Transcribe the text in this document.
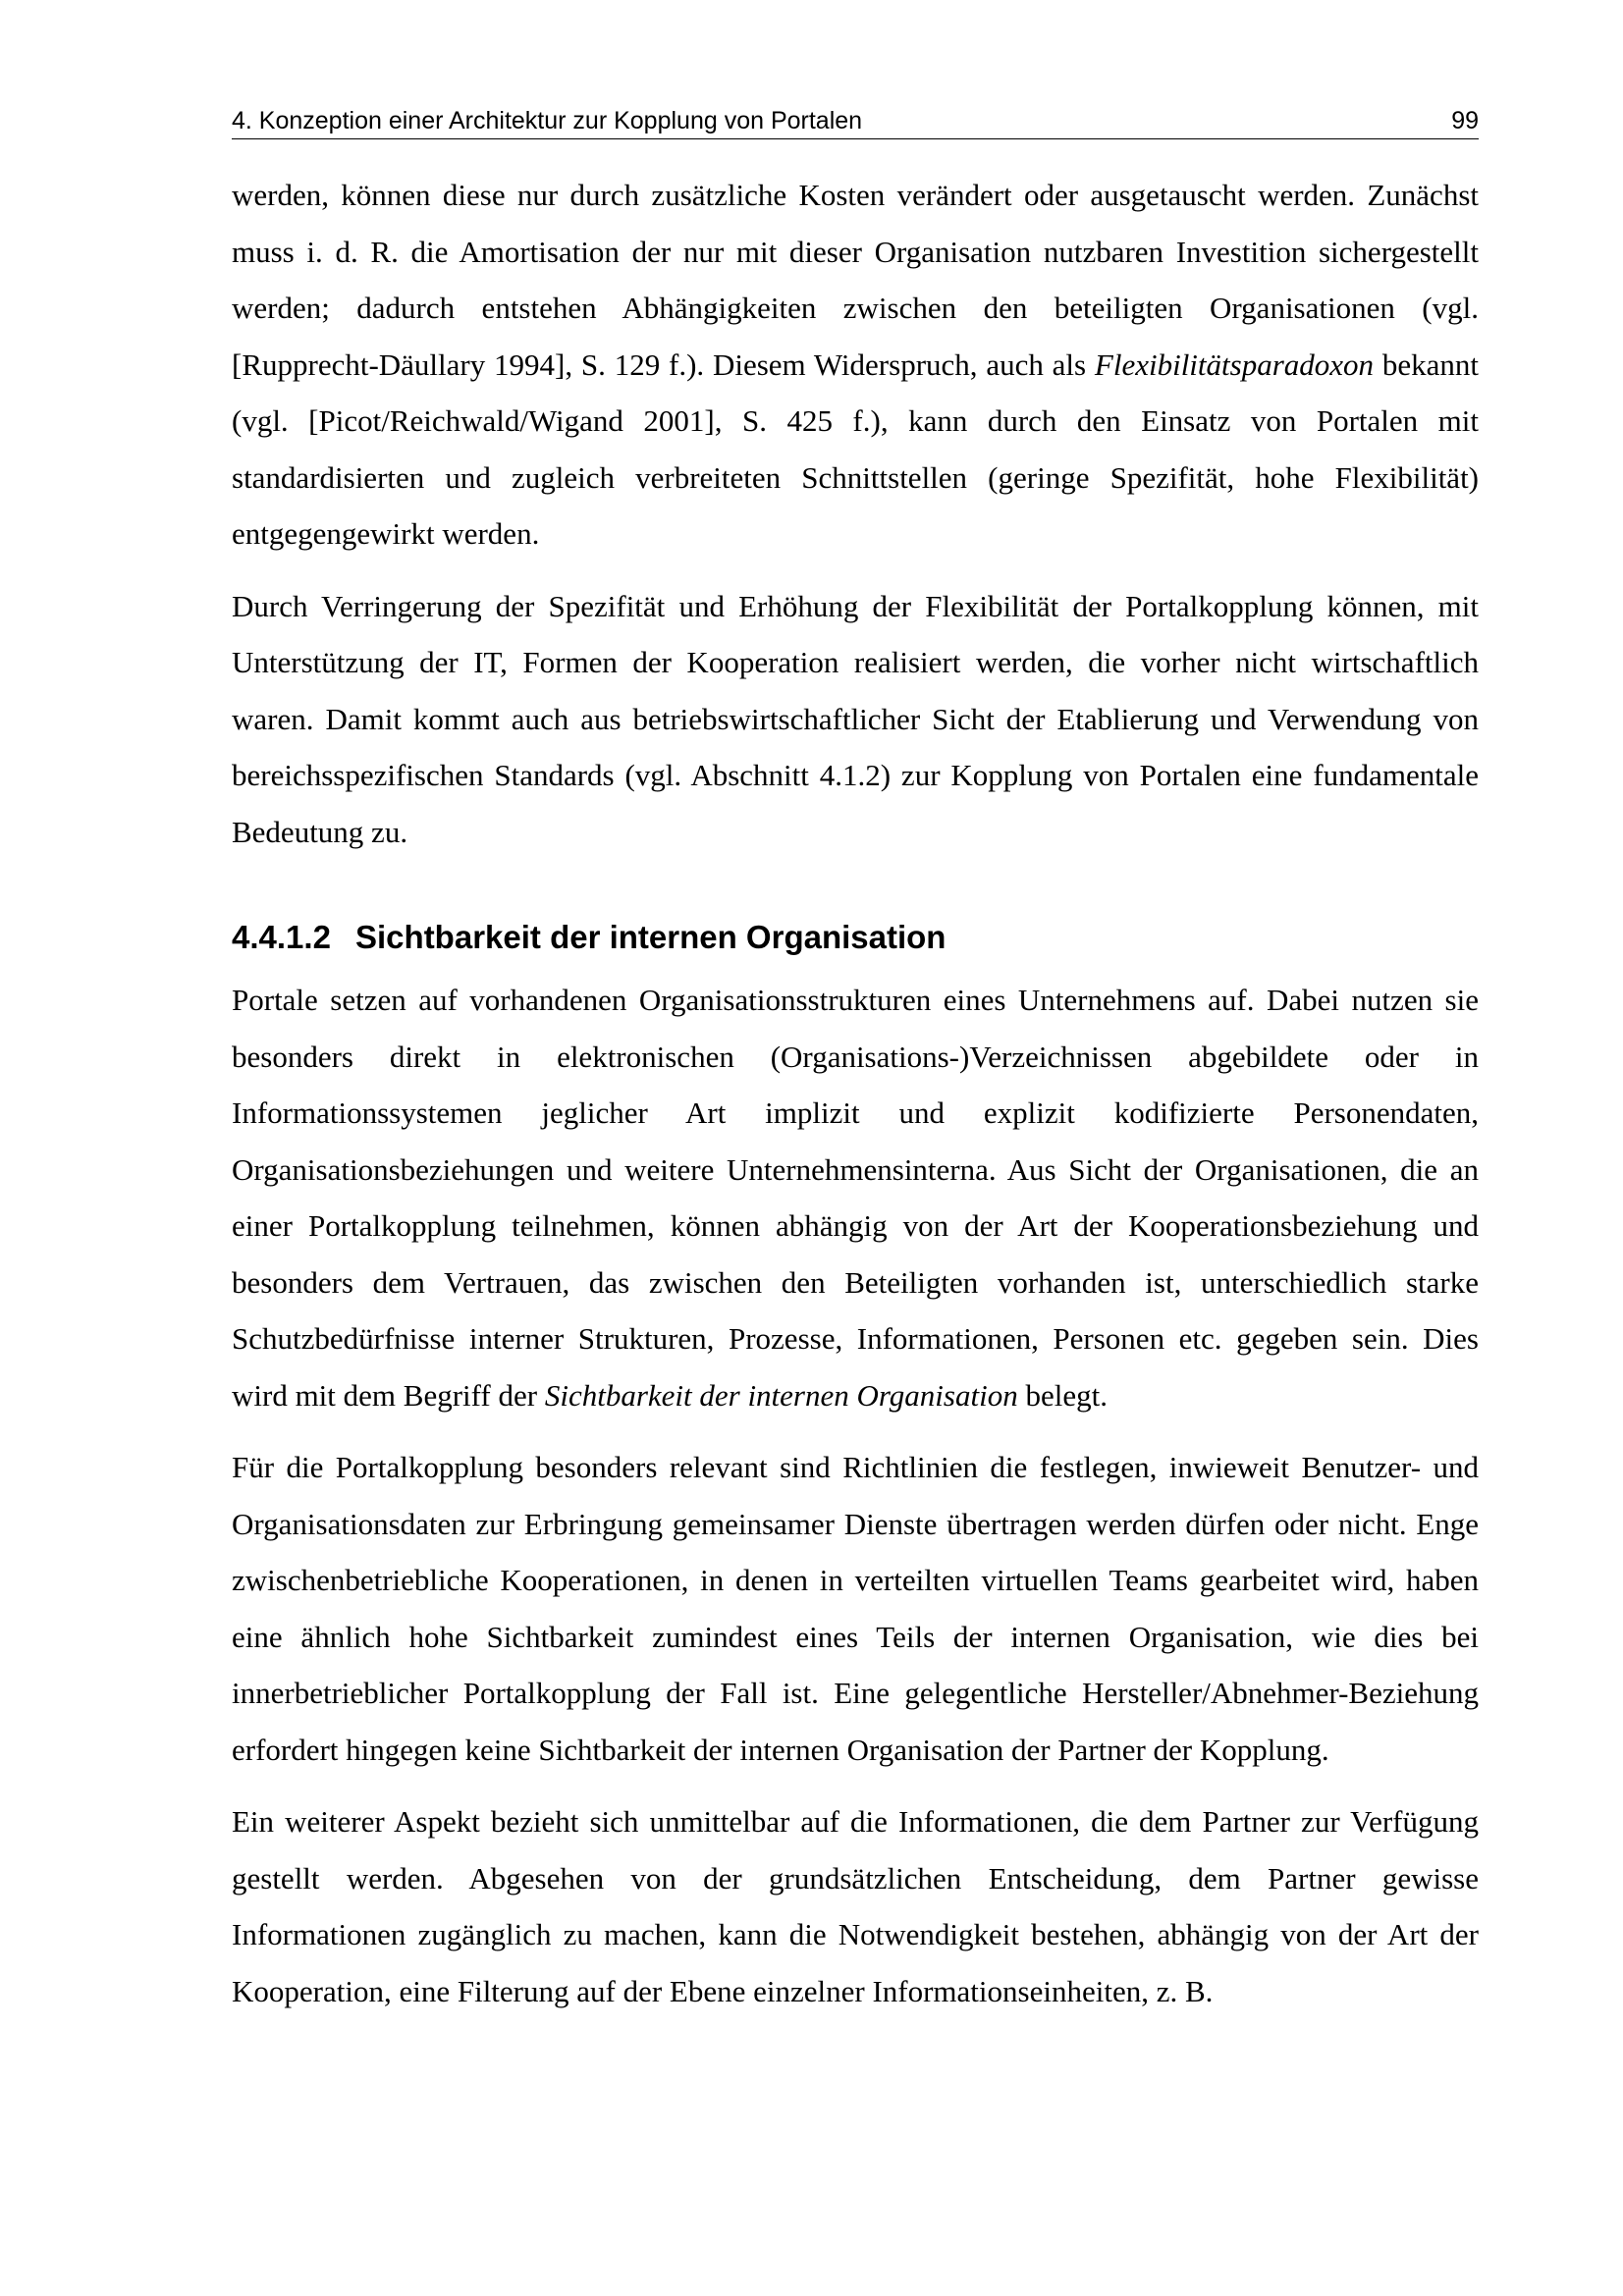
4. Konzeption einer Architektur zur Kopplung von Portalen	99

werden, können diese nur durch zusätzliche Kosten verändert oder ausgetauscht werden. Zunächst muss i. d. R. die Amortisation der nur mit dieser Organisation nutzbaren Investition sichergestellt werden; dadurch entstehen Abhängigkeiten zwischen den beteiligten Organisationen (vgl. [Rupprecht-Däullary 1994], S. 129 f.). Diesem Widerspruch, auch als Flexibilitätsparadoxon bekannt (vgl. [Picot/Reichwald/Wigand 2001], S. 425 f.), kann durch den Einsatz von Portalen mit standardisierten und zugleich verbreiteten Schnittstellen (geringe Spezifität, hohe Flexibilität) entgegengewirkt werden.

Durch Verringerung der Spezifität und Erhöhung der Flexibilität der Portalkopplung können, mit Unterstützung der IT, Formen der Kooperation realisiert werden, die vorher nicht wirtschaftlich waren. Damit kommt auch aus betriebswirtschaftlicher Sicht der Etablierung und Verwendung von bereichsspezifischen Standards (vgl. Abschnitt 4.1.2) zur Kopplung von Portalen eine fundamentale Bedeutung zu.

4.4.1.2 Sichtbarkeit der internen Organisation

Portale setzen auf vorhandenen Organisationsstrukturen eines Unternehmens auf. Dabei nutzen sie besonders direkt in elektronischen (Organisations-)Verzeichnissen abgebildete oder in Informationssystemen jeglicher Art implizit und explizit kodifizierte Personendaten, Organisationsbeziehungen und weitere Unternehmensinterna. Aus Sicht der Organisationen, die an einer Portalkopplung teilnehmen, können abhängig von der Art der Kooperationsbeziehung und besonders dem Vertrauen, das zwischen den Beteiligten vorhanden ist, unterschiedlich starke Schutzbedürfnisse interner Strukturen, Prozesse, Informationen, Personen etc. gegeben sein. Dies wird mit dem Begriff der Sichtbarkeit der internen Organisation belegt.

Für die Portalkopplung besonders relevant sind Richtlinien die festlegen, inwieweit Benutzer- und Organisationsdaten zur Erbringung gemeinsamer Dienste übertragen werden dürfen oder nicht. Enge zwischenbetriebliche Kooperationen, in denen in verteilten virtuellen Teams gearbeitet wird, haben eine ähnlich hohe Sichtbarkeit zumindest eines Teils der internen Organisation, wie dies bei innerbetrieblicher Portalkopplung der Fall ist. Eine gelegentliche Hersteller/Abnehmer-Beziehung erfordert hingegen keine Sichtbarkeit der internen Organisation der Partner der Kopplung.

Ein weiterer Aspekt bezieht sich unmittelbar auf die Informationen, die dem Partner zur Verfügung gestellt werden. Abgesehen von der grundsätzlichen Entscheidung, dem Partner gewisse Informationen zugänglich zu machen, kann die Notwendigkeit bestehen, abhängig von der Art der Kooperation, eine Filterung auf der Ebene einzelner Informationseinheiten, z. B.
